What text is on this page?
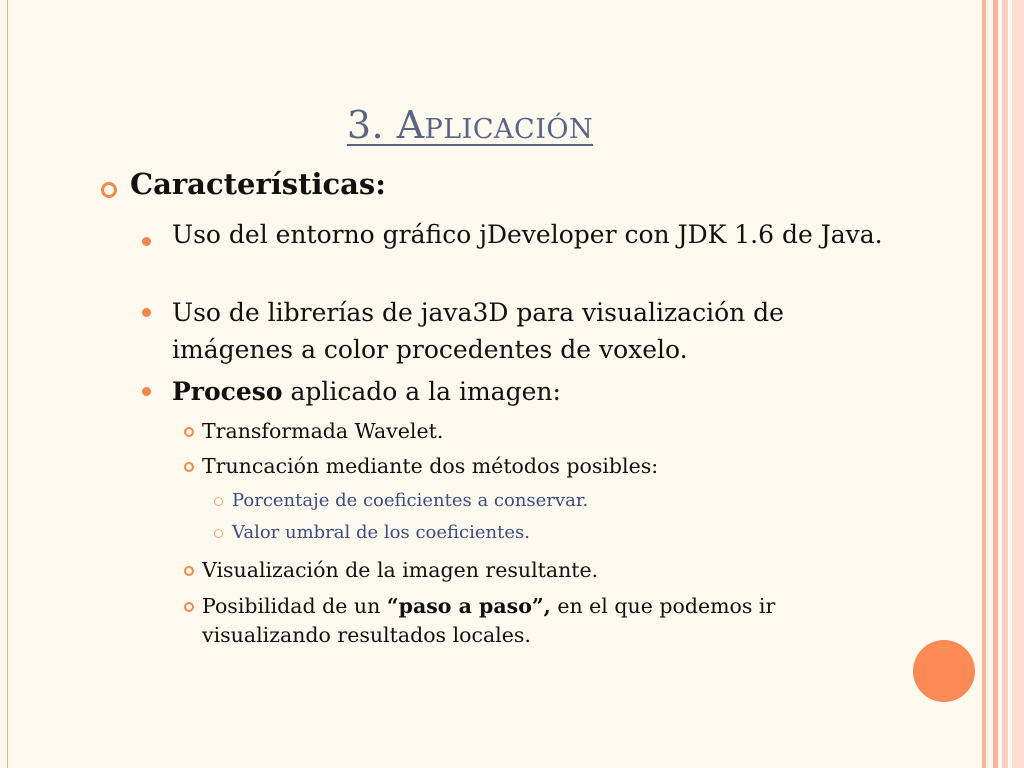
3. Aplicación
Características:
Uso del entorno gráfico jDeveloper con JDK 1.6 de Java.
Uso de librerías de java3D para visualización de imágenes a color procedentes de voxelo.
Proceso aplicado a la imagen:
Transformada Wavelet.
Truncación mediante dos métodos posibles:
Porcentaje de coeficientes a conservar.
Valor umbral de los coeficientes.
Visualización de la imagen resultante.
Posibilidad de un “paso a paso”, en el que podemos ir visualizando resultados locales.
